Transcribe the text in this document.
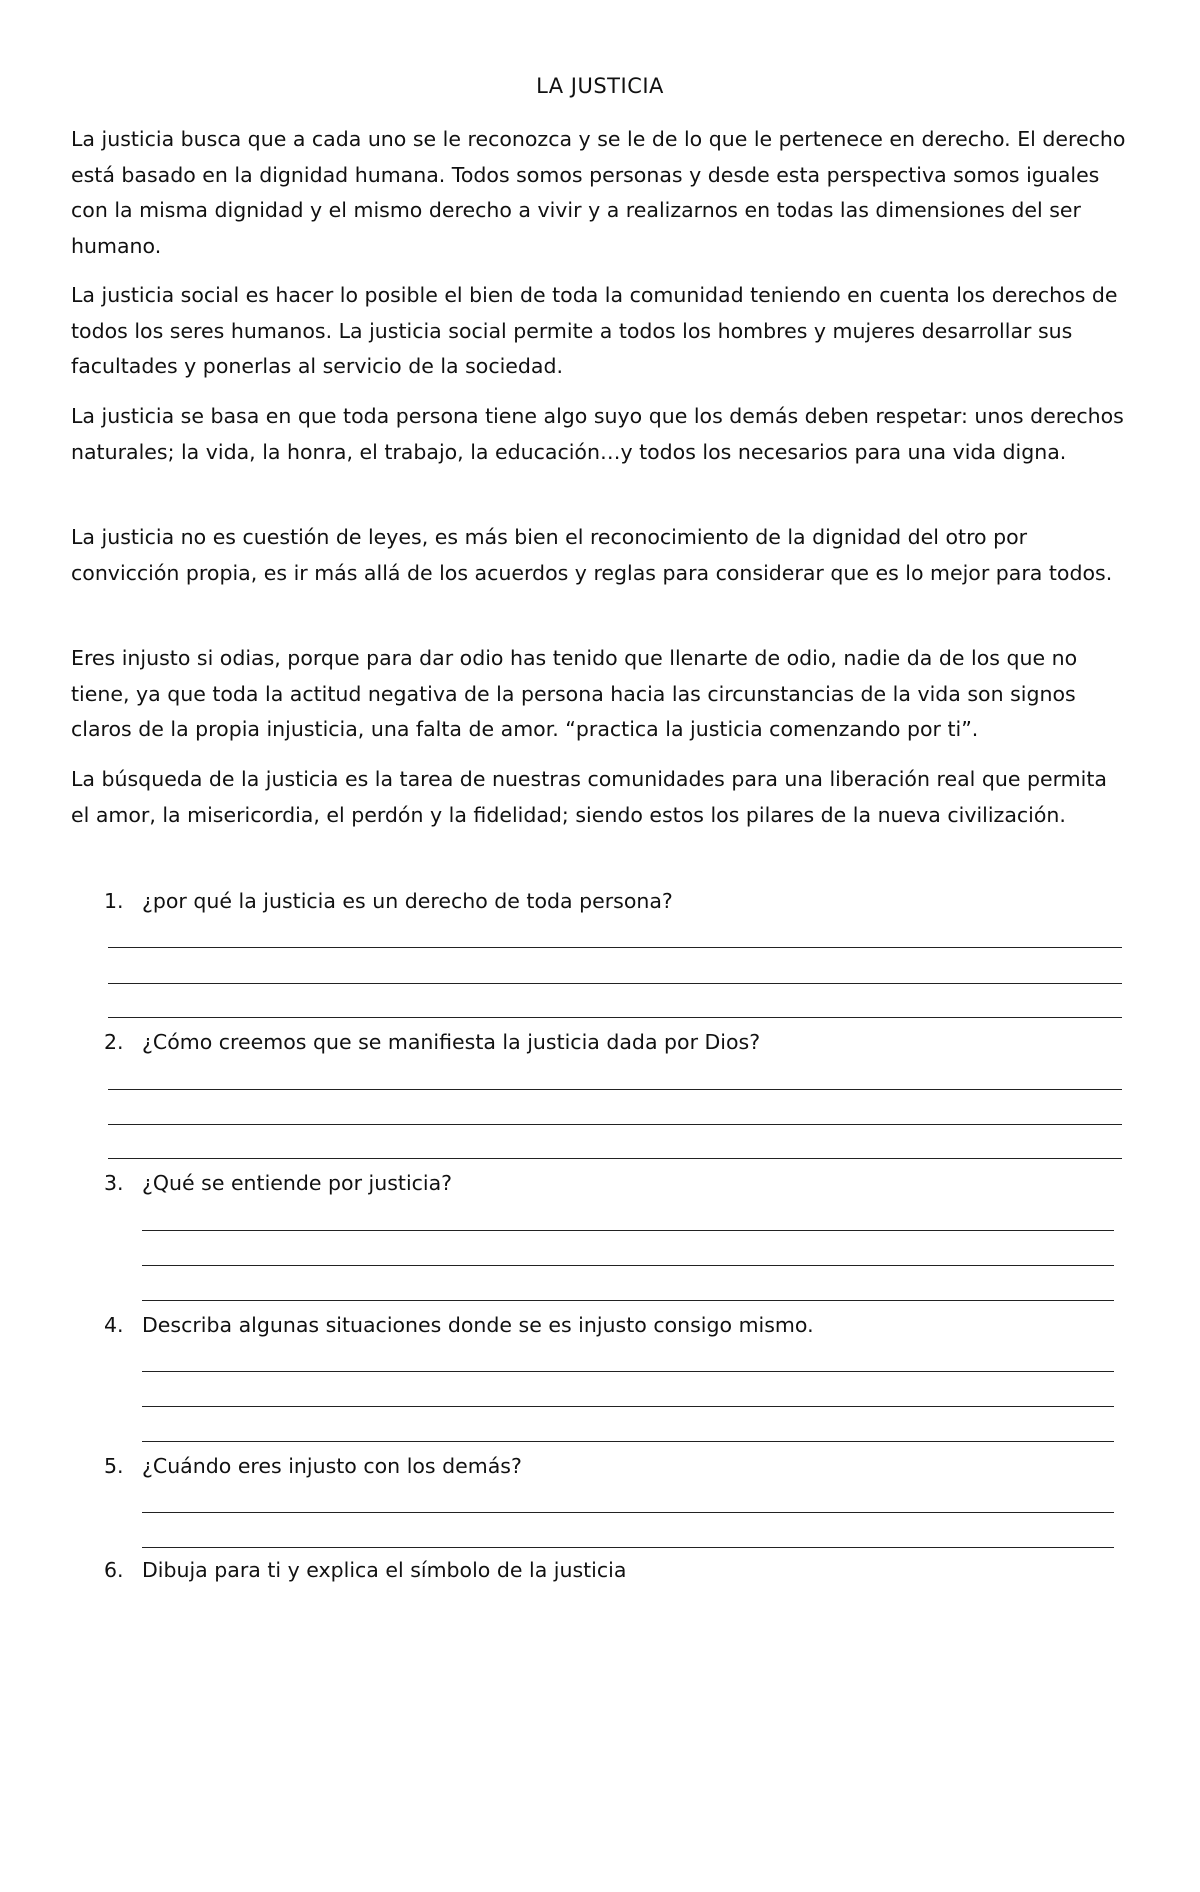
LA JUSTICIA

La justicia busca que a cada uno se le reconozca y se le de lo que le pertenece en derecho. El derecho está basado en la dignidad humana. Todos somos personas y desde esta perspectiva somos iguales con la misma dignidad y el mismo derecho a vivir y a realizarnos en todas las dimensiones del ser humano.

La justicia social es hacer lo posible el bien de toda la comunidad teniendo en cuenta los derechos de todos los seres humanos. La justicia social permite a todos los hombres y mujeres desarrollar sus facultades y ponerlas al servicio de la sociedad.

La justicia se basa en que toda persona tiene algo suyo que los demás deben respetar: unos derechos naturales; la vida, la honra, el trabajo, la educación…y todos los necesarios para una vida digna.

La justicia no es cuestión de leyes, es más bien el reconocimiento de la dignidad del otro por convicción propia, es ir más allá de los acuerdos y reglas para considerar que es lo mejor para todos.

Eres injusto si odias, porque para dar odio has tenido que llenarte de odio, nadie da de los que no tiene, ya que toda la actitud negativa de la persona hacia las circunstancias de la vida son signos claros de la propia injusticia, una falta de amor. “practica la justicia comenzando por ti”.

La búsqueda de la justicia es la tarea de nuestras comunidades para una liberación real que permita el amor, la misericordia, el perdón y la fidelidad; siendo estos los pilares de la nueva civilización.

1. ¿por qué la justicia es un derecho de toda persona?
2. ¿Cómo creemos que se manifiesta la justicia dada por Dios?
3. ¿Qué se entiende por justicia?
4. Describa algunas situaciones donde se es injusto consigo mismo.
5. ¿Cuándo eres injusto con los demás?
6. Dibuja para ti y explica el símbolo de la justicia
